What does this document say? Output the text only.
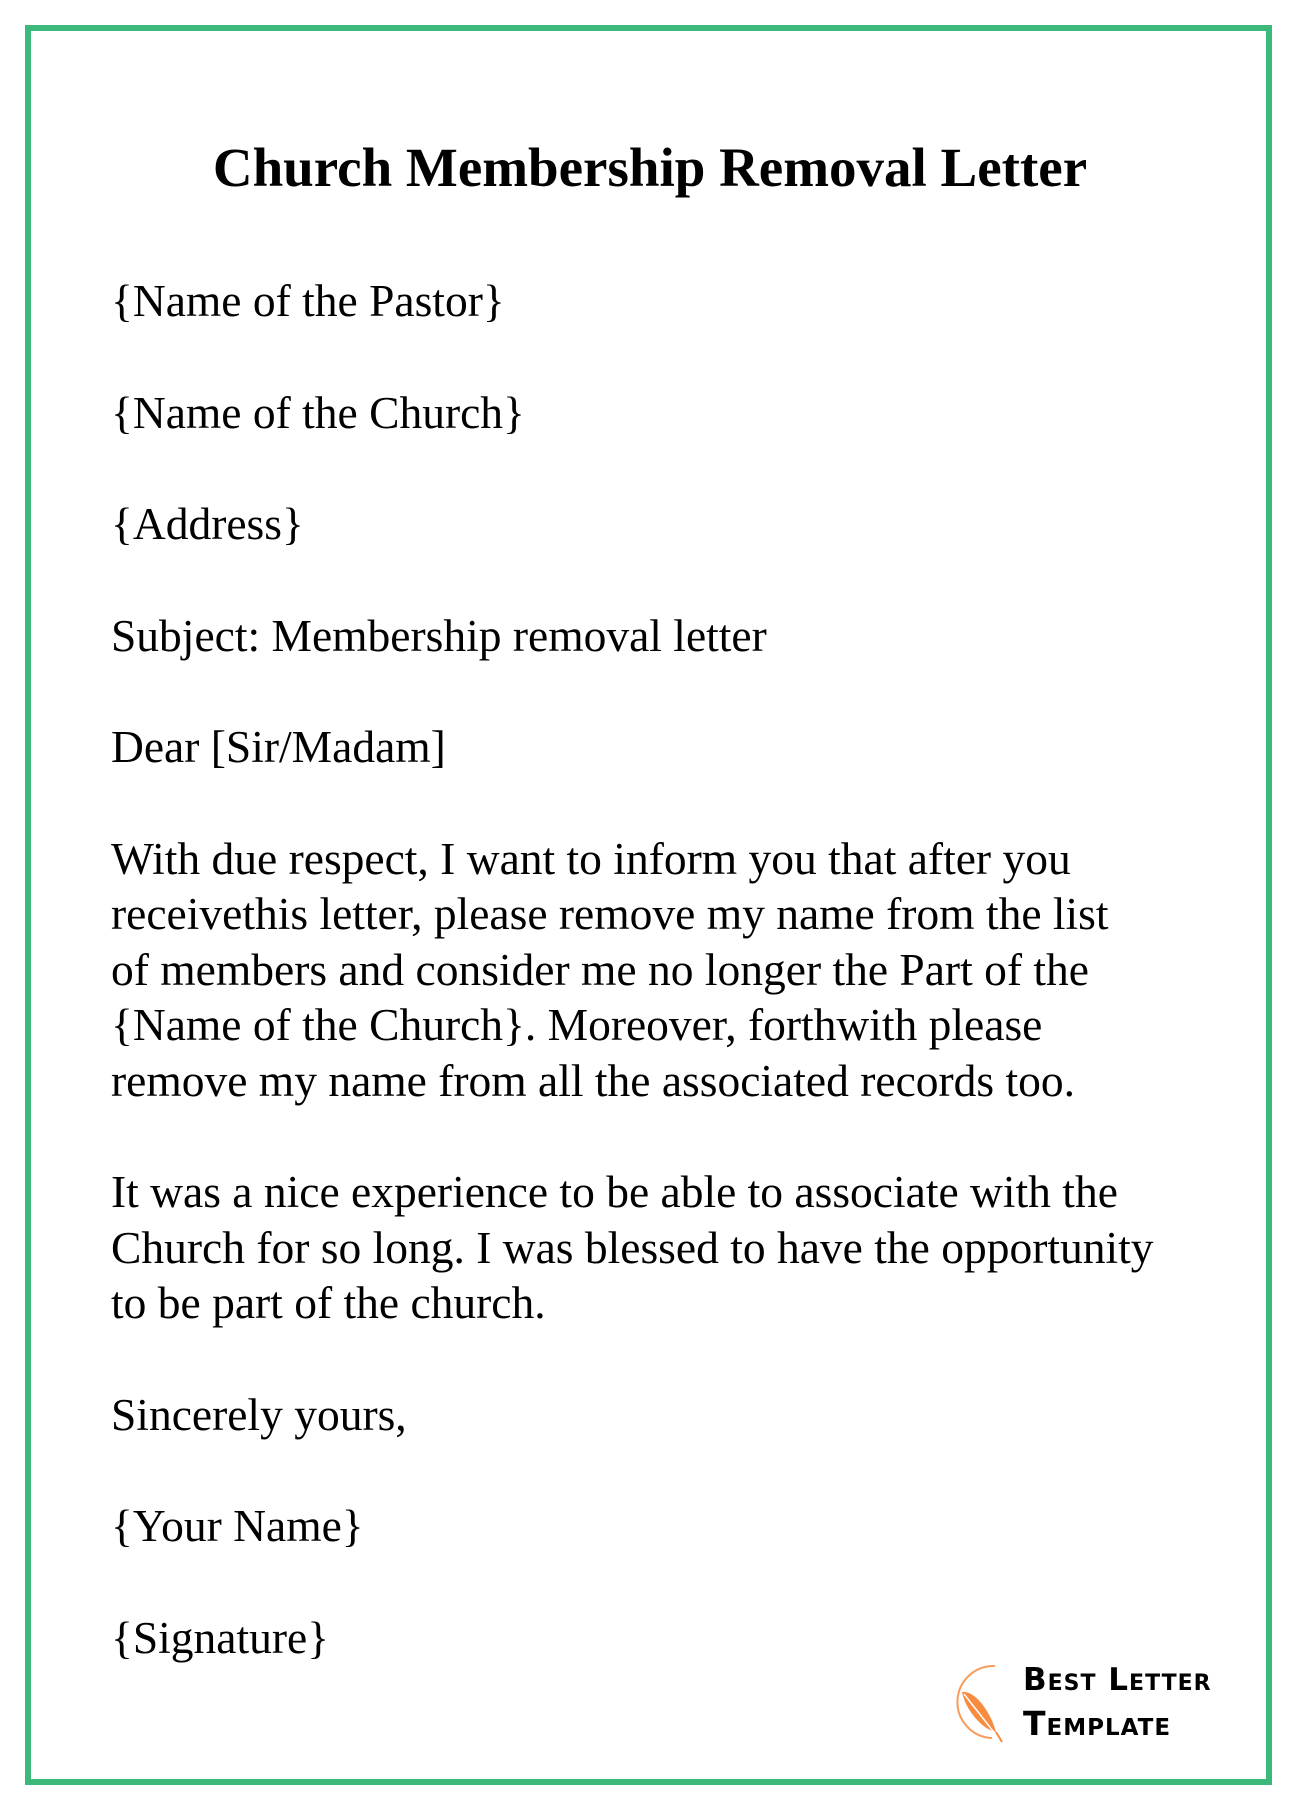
Church Membership Removal Letter

{Name of the Pastor}

{Name of the Church}

{Address}

Subject: Membership removal letter

Dear [Sir/Madam]

With due respect, I want to inform you that after you
receivethis letter, please remove my name from the list
of members and consider me no longer the Part of the
{Name of the Church}. Moreover, forthwith please
remove my name from all the associated records too.

It was a nice experience to be able to associate with the
Church for so long. I was blessed to have the opportunity
to be part of the church.

Sincerely yours,

{Your Name}

{Signature}

Best Letter
Template
